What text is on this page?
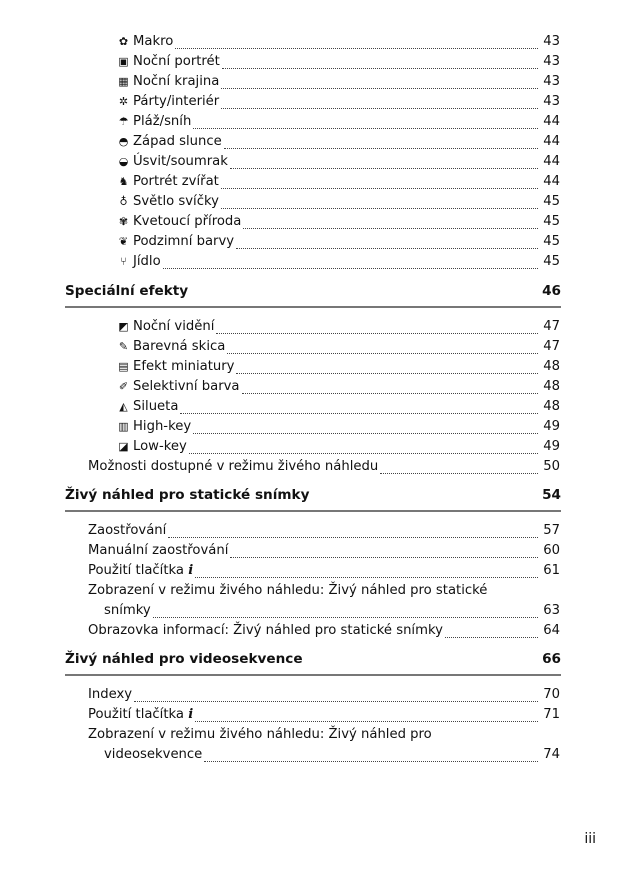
✿ Makro	43
▣ Noční portrét	43
▦ Noční krajina	43
✲ Párty/interiér	43
☂ Pláž/sníh	44
◓ Západ slunce	44
◒ Úsvit/soumrak	44
♞ Portrét zvířat	44
♁ Světlo svíčky	45
✾ Kvetoucí příroda	45
❦ Podzimní barvy	45
⑂ Jídlo	45
Speciální efekty	46
◩ Noční vidění	47
✎ Barevná skica	47
▤ Efekt miniatury	48
✐ Selektivní barva	48
◭ Silueta	48
▥ High-key	49
◪ Low-key	49
Možnosti dostupné v režimu živého náhledu	50
Živý náhled pro statické snímky	54
Zaostřování	57
Manuální zaostřování	60
Použití tlačítka i	61
Zobrazení v režimu živého náhledu: Živý náhled pro statické
snímky	63
Obrazovka informací: Živý náhled pro statické snímky	64
Živý náhled pro videosekvence	66
Indexy	70
Použití tlačítka i	71
Zobrazení v režimu živého náhledu: Živý náhled pro
videosekvence	74
iii
